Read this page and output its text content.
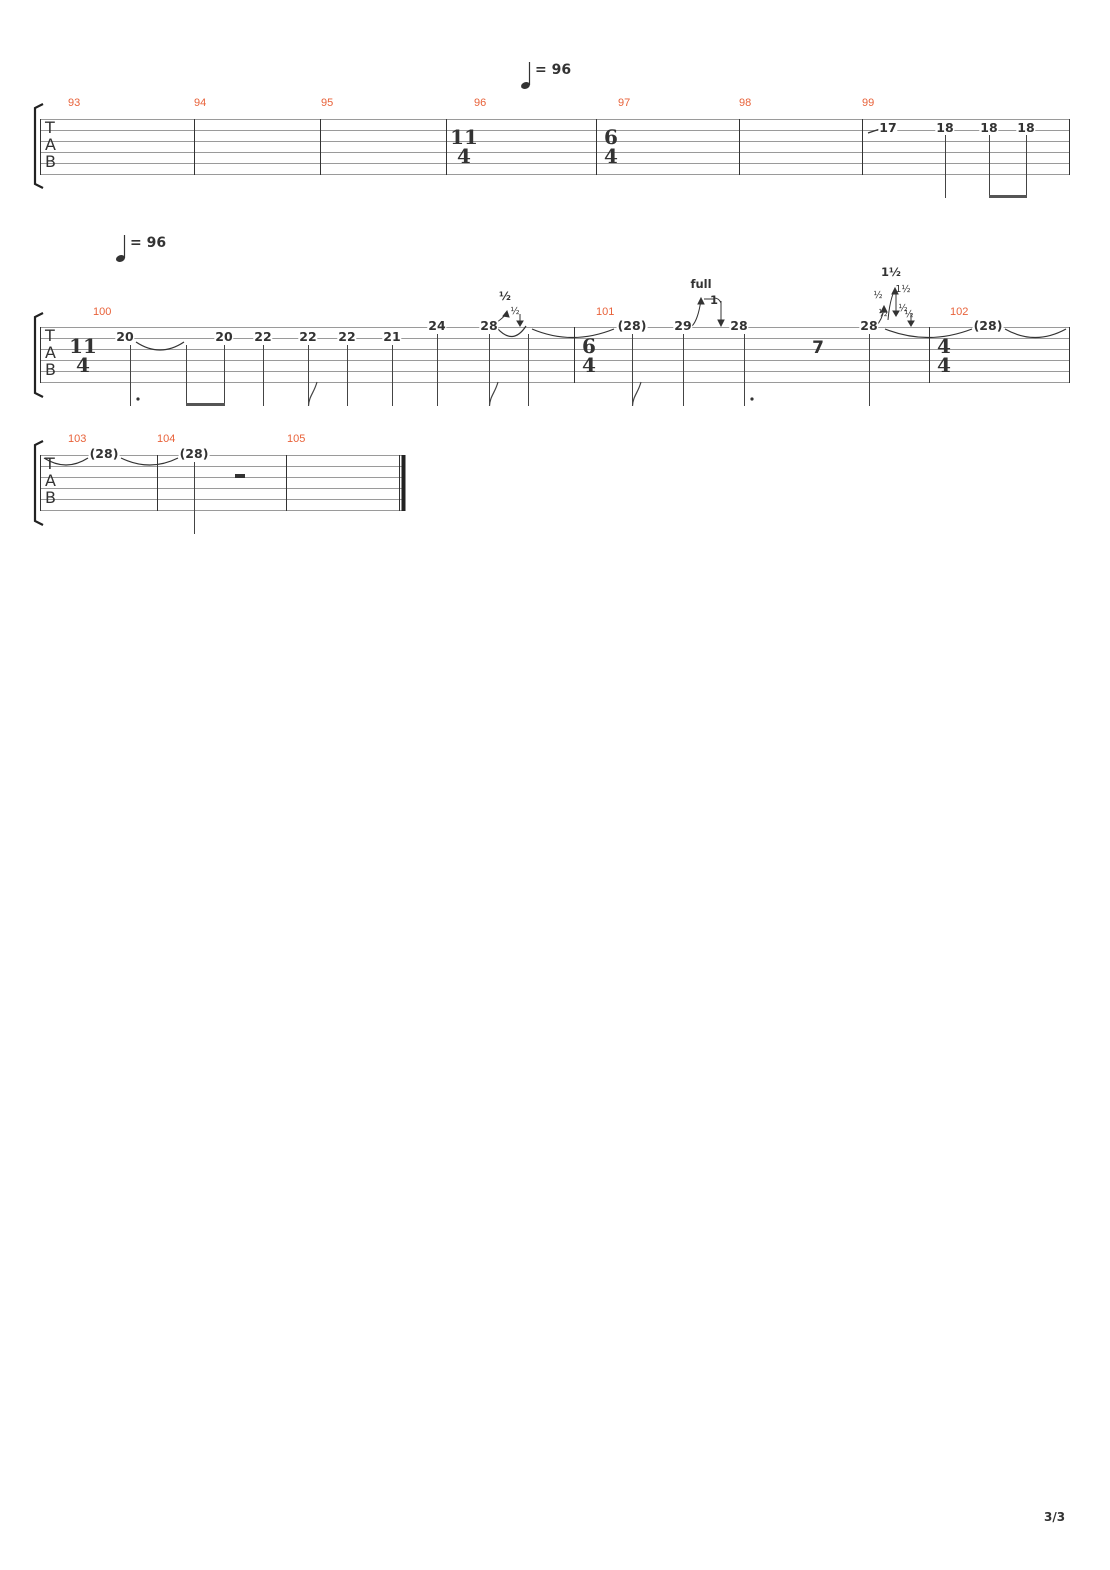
= 96
93	94	95	96	97	98	99
T
A
B
11
4
6
4
17	18 18 18
= 96
100	101	102
T
A
B
11
4
6
4
4
4
20	20 22 22 22 21
24	28	(28) 29	28	28	(28)
7
½
½
full
1
1½
½
1½
½ ½
½
103	104	105
T
A
B
(28)	(28)
3/3
